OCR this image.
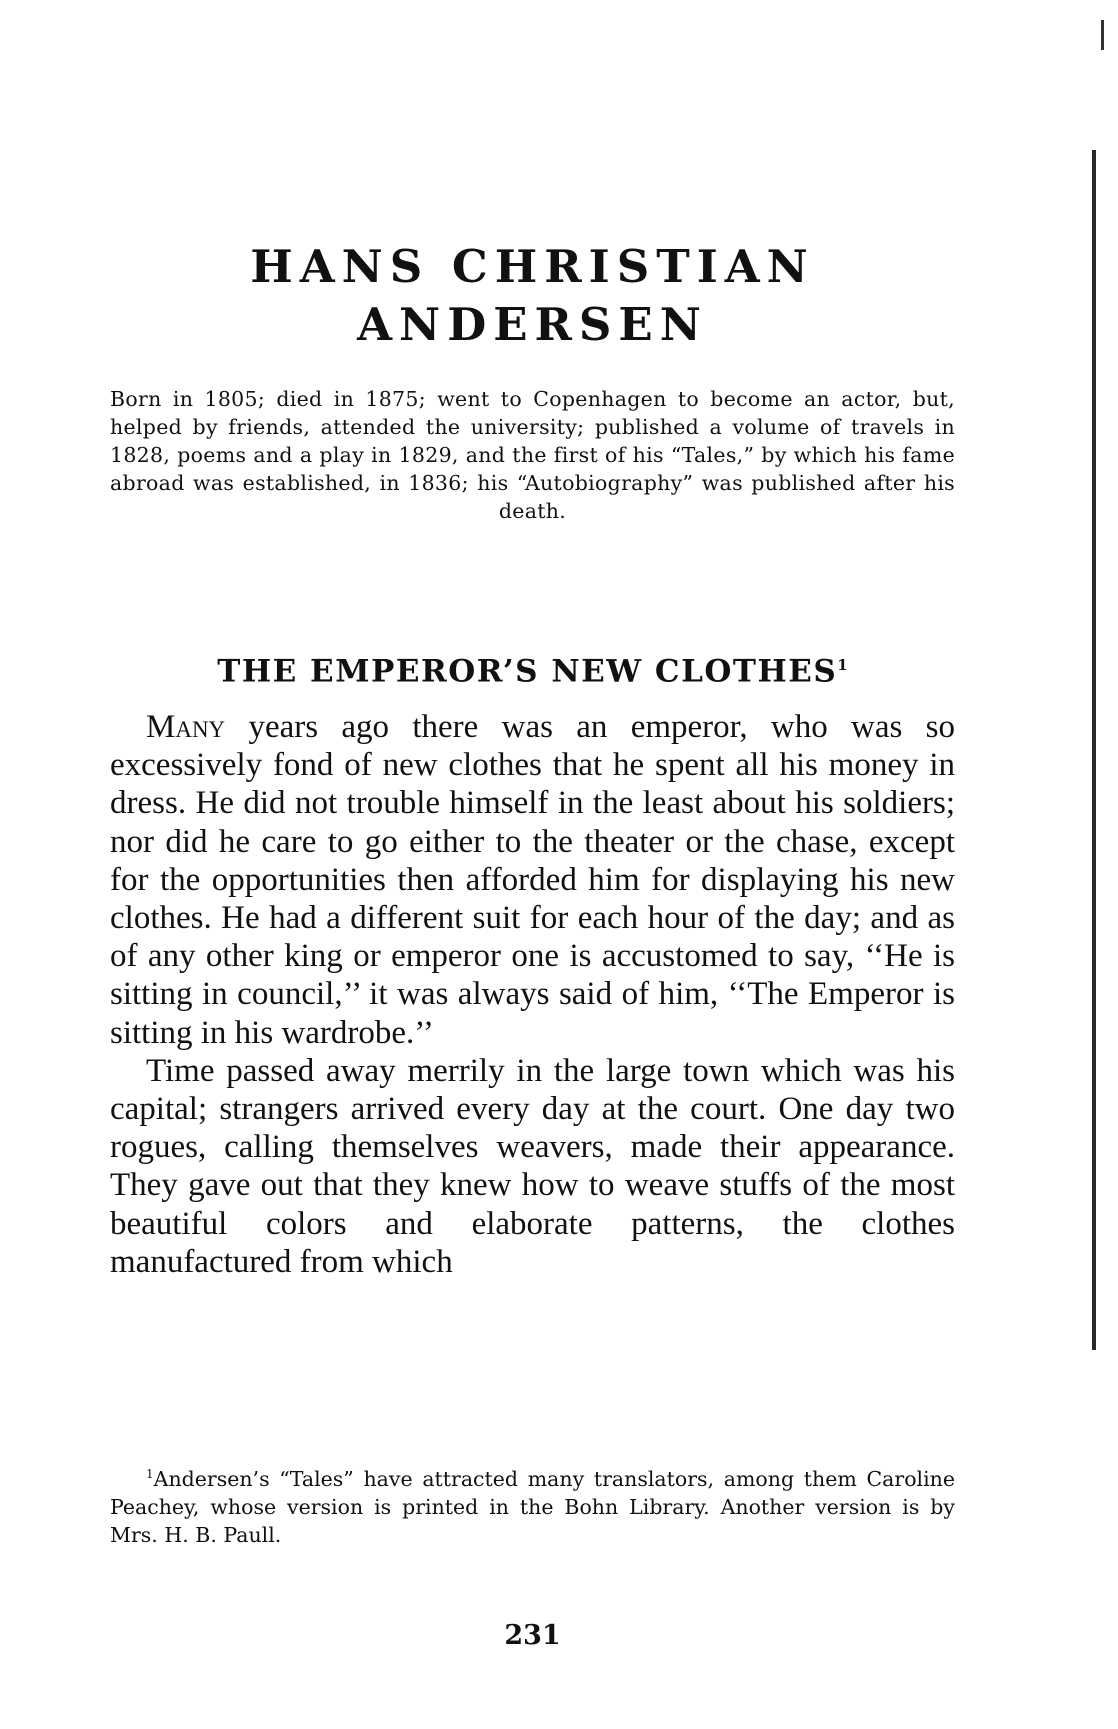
HANS CHRISTIAN
ANDERSEN

Born in 1805; died in 1875; went to Copenhagen to become an actor, but, helped by friends, attended the university; published a volume of travels in 1828, poems and a play in 1829, and the first of his “Tales,” by which his fame abroad was established, in 1836; his “Autobiography” was published after his death.

THE EMPEROR’S NEW CLOTHES$^1$

Many years ago there was an emperor, who was so excessively fond of new clothes that he spent all his money in dress. He did not trouble himself in the least about his soldiers; nor did he care to go either to the theater or the chase, except for the opportunities then afforded him for displaying his new clothes. He had a different suit for each hour of the day; and as of any other king or emperor one is accustomed to say, ‘‘He is sitting in council,’’ it was always said of him, ‘‘The Emperor is sitting in his wardrobe.’’

Time passed away merrily in the large town which was his capital; strangers arrived every day at the court. One day two rogues, calling themselves weavers, made their appearance. They gave out that they knew how to weave stuffs of the most beautiful colors and elaborate patterns, the clothes manufactured from which

$^1$Andersen’s “Tales” have attracted many translators, among them Caroline Peachey, whose version is printed in the Bohn Library. Another version is by Mrs. H. B. Paull.

231
